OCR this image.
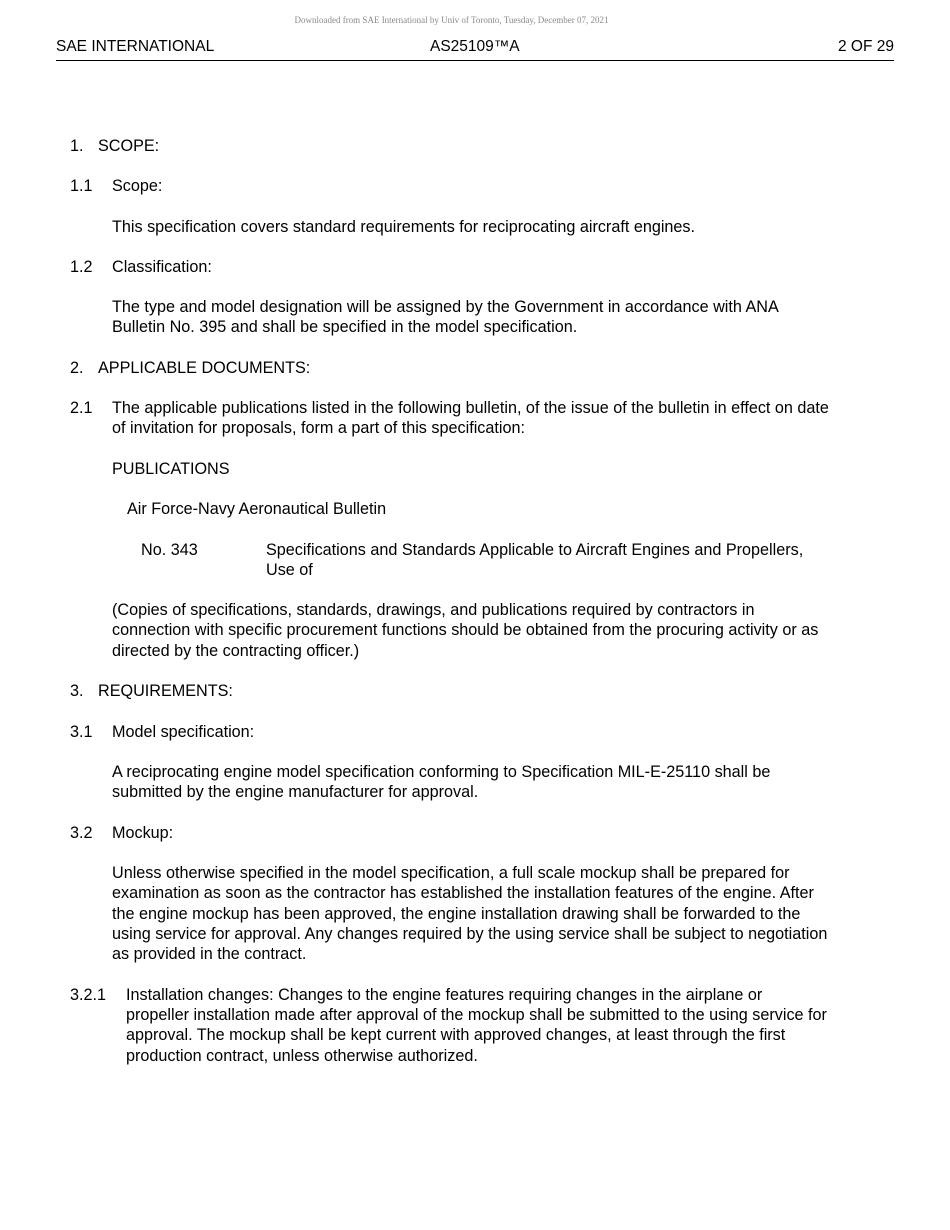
Downloaded from SAE International by Univ of Toronto, Tuesday, December 07, 2021
SAE INTERNATIONAL	AS25109™A	2 OF 29
1. SCOPE:
1.1 Scope:
This specification covers standard requirements for reciprocating aircraft engines.
1.2 Classification:
The type and model designation will be assigned by the Government in accordance with ANA
Bulletin No. 395 and shall be specified in the model specification.
2. APPLICABLE DOCUMENTS:
2.1 The applicable publications listed in the following bulletin, of the issue of the bulletin in effect on date
of invitation for proposals, form a part of this specification:
PUBLICATIONS
Air Force-Navy Aeronautical Bulletin
No. 343	Specifications and Standards Applicable to Aircraft Engines and Propellers,
Use of
(Copies of specifications, standards, drawings, and publications required by contractors in
connection with specific procurement functions should be obtained from the procuring activity or as
directed by the contracting officer.)
3. REQUIREMENTS:
3.1 Model specification:
A reciprocating engine model specification conforming to Specification MIL-E-25110 shall be
submitted by the engine manufacturer for approval.
3.2 Mockup:
Unless otherwise specified in the model specification, a full scale mockup shall be prepared for
examination as soon as the contractor has established the installation features of the engine. After
the engine mockup has been approved, the engine installation drawing shall be forwarded to the
using service for approval. Any changes required by the using service shall be subject to negotiation
as provided in the contract.
3.2.1 Installation changes: Changes to the engine features requiring changes in the airplane or
propeller installation made after approval of the mockup shall be submitted to the using service for
approval. The mockup shall be kept current with approved changes, at least through the first
production contract, unless otherwise authorized.
